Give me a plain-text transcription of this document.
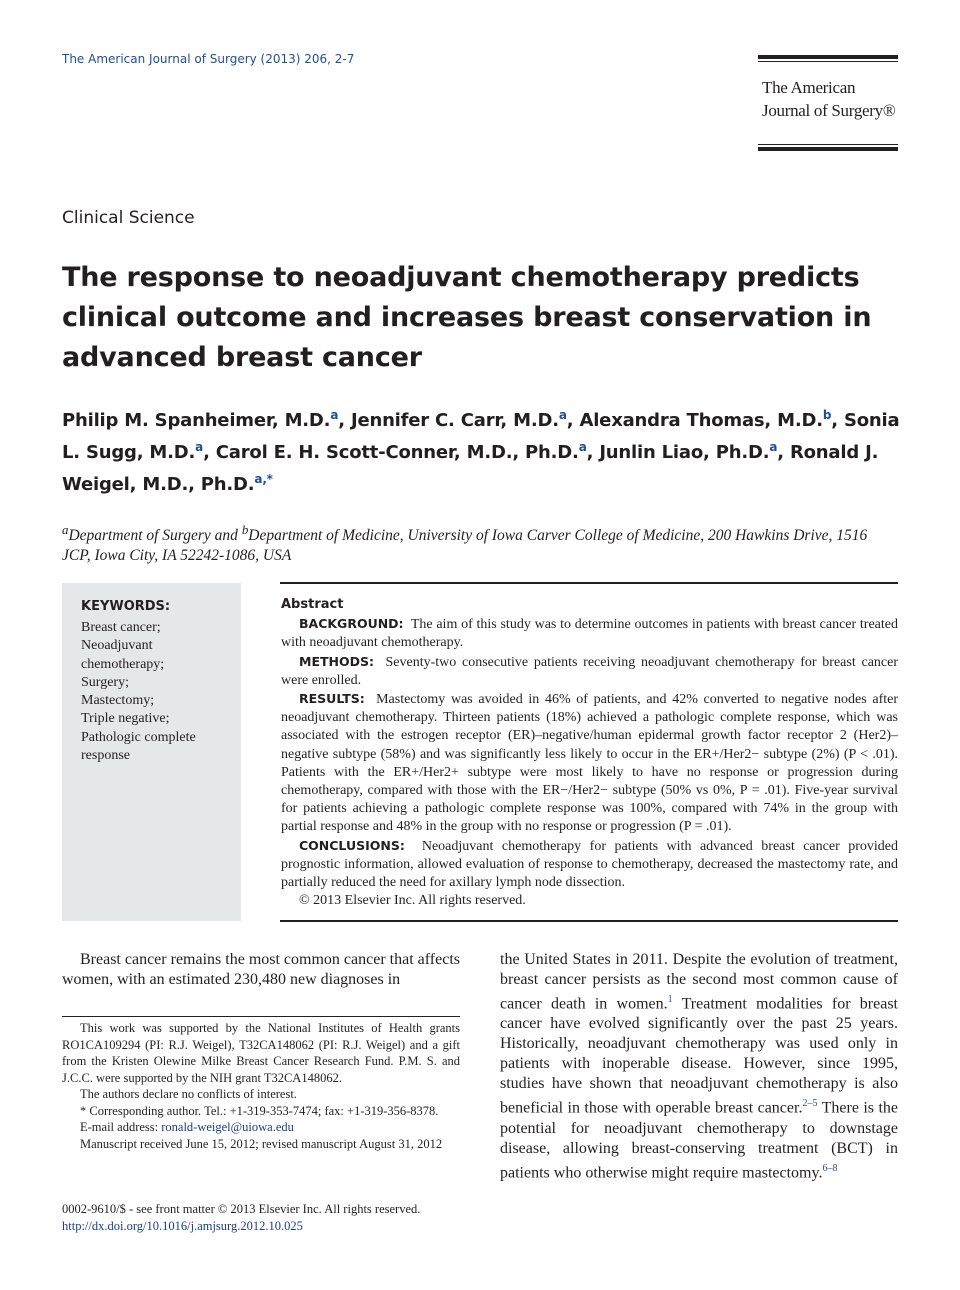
The American Journal of Surgery (2013) 206, 2-7
The American
Journal of Surgery®
Clinical Science
The response to neoadjuvant chemotherapy predicts clinical outcome and increases breast conservation in advanced breast cancer
Philip M. Spanheimer, M.D.$^a$, Jennifer C. Carr, M.D.$^a$, Alexandra Thomas, M.D.$^b$, Sonia L. Sugg, M.D.$^a$, Carol E. H. Scott-Conner, M.D., Ph.D.$^a$, Junlin Liao, Ph.D.$^a$, Ronald J. Weigel, M.D., Ph.D.$^{a,*}$
$^a$Department of Surgery and $^b$Department of Medicine, University of Iowa Carver College of Medicine, 200 Hawkins Drive, 1516 JCP, Iowa City, IA 52242-1086, USA
KEYWORDS:
Breast cancer;
Neoadjuvant chemotherapy;
Surgery;
Mastectomy;
Triple negative;
Pathologic complete response
Abstract

BACKGROUND: The aim of this study was to determine outcomes in patients with breast cancer treated with neoadjuvant chemotherapy.

METHODS: Seventy-two consecutive patients receiving neoadjuvant chemotherapy for breast cancer were enrolled.

RESULTS: Mastectomy was avoided in 46% of patients, and 42% converted to negative nodes after neoadjuvant chemotherapy. Thirteen patients (18%) achieved a pathologic complete response, which was associated with the estrogen receptor (ER)–negative/human epidermal growth factor receptor 2 (Her2)–negative subtype (58%) and was significantly less likely to occur in the ER+/Her2− subtype (2%) (P < .01). Patients with the ER+/Her2+ subtype were most likely to have no response or progression during chemotherapy, compared with those with the ER−/Her2− subtype (50% vs 0%, P = .01). Five-year survival for patients achieving a pathologic complete response was 100%, compared with 74% in the group with partial response and 48% in the group with no response or progression (P = .01).

CONCLUSIONS: Neoadjuvant chemotherapy for patients with advanced breast cancer provided prognostic information, allowed evaluation of response to chemotherapy, decreased the mastectomy rate, and partially reduced the need for axillary lymph node dissection.

© 2013 Elsevier Inc. All rights reserved.

Breast cancer remains the most common cancer that affects women, with an estimated 230,480 new diagnoses in

This work was supported by the National Institutes of Health grants RO1CA109294 (PI: R.J. Weigel), T32CA148062 (PI: R.J. Weigel) and a gift from the Kristen Olewine Milke Breast Cancer Research Fund. P.M. S. and J.C.C. were supported by the NIH grant T32CA148062.

The authors declare no conflicts of interest.

* Corresponding author. Tel.: +1-319-353-7474; fax: +1-319-356-8378.

E-mail address: ronald-weigel@uiowa.edu

Manuscript received June 15, 2012; revised manuscript August 31, 2012

0002-9610/$ - see front matter © 2013 Elsevier Inc. All rights reserved.
http://dx.doi.org/10.1016/j.amjsurg.2012.10.025

the United States in 2011. Despite the evolution of treatment, breast cancer persists as the second most common cause of cancer death in women.$^1$ Treatment modalities for breast cancer have evolved significantly over the past 25 years. Historically, neoadjuvant chemotherapy was used only in patients with inoperable disease. However, since 1995, studies have shown that neoadjuvant chemotherapy is also beneficial in those with operable breast cancer.$^{2-5}$ There is the potential for neoadjuvant chemotherapy to downstage disease, allowing breast-conserving treatment (BCT) in patients who otherwise might require mastectomy.$^{6-8}$
